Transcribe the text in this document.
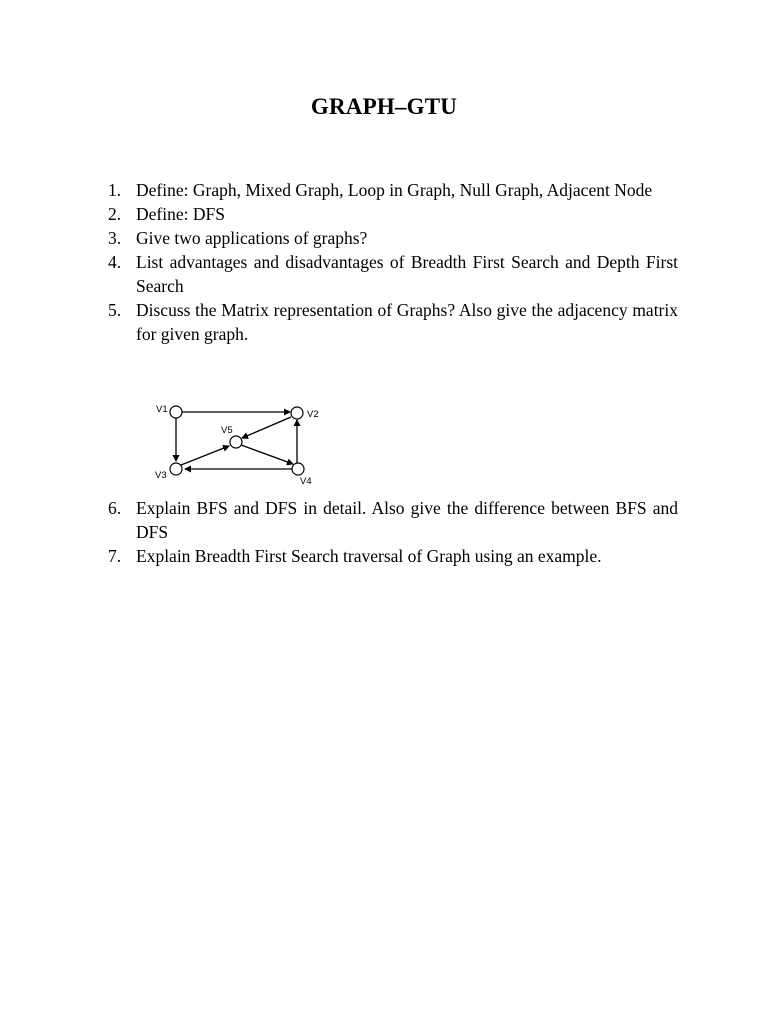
GRAPH–GTU
1. Define: Graph, Mixed Graph, Loop in Graph, Null Graph, Adjacent Node
2. Define: DFS
3. Give two applications of graphs?
4. List advantages and disadvantages of Breadth First Search and Depth First Search
5. Discuss the Matrix representation of Graphs? Also give the adjacency matrix for given graph.
V1	V2
V3
V4
V5
6. Explain BFS and DFS in detail. Also give the difference between BFS and DFS
7. Explain Breadth First Search traversal of Graph using an example.
